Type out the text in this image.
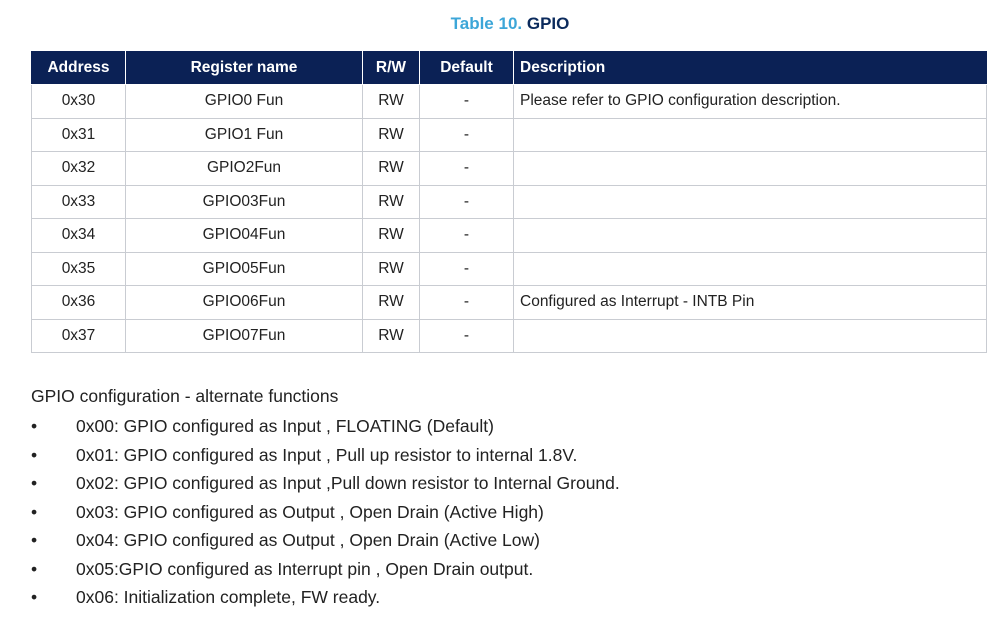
Table 10. GPIO
Address	Register name	R/W	Default	Description
0x30	GPIO0 Fun	RW	-	Please refer to GPIO configuration description.
0x31	GPIO1 Fun	RW	-	
0x32	GPIO2Fun	RW	-	
0x33	GPIO03Fun	RW	-	
0x34	GPIO04Fun	RW	-	
0x35	GPIO05Fun	RW	-	
0x36	GPIO06Fun	RW	-	Configured as Interrupt - INTB Pin
0x37	GPIO07Fun	RW	-	
GPIO configuration - alternate functions
• 0x00: GPIO configured as Input , FLOATING (Default)
• 0x01: GPIO configured as Input , Pull up resistor to internal 1.8V.
• 0x02: GPIO configured as Input ,Pull down resistor to Internal Ground.
• 0x03: GPIO configured as Output , Open Drain (Active High)
• 0x04: GPIO configured as Output , Open Drain (Active Low)
• 0x05:GPIO configured as Interrupt pin , Open Drain output.
• 0x06: Initialization complete, FW ready.
